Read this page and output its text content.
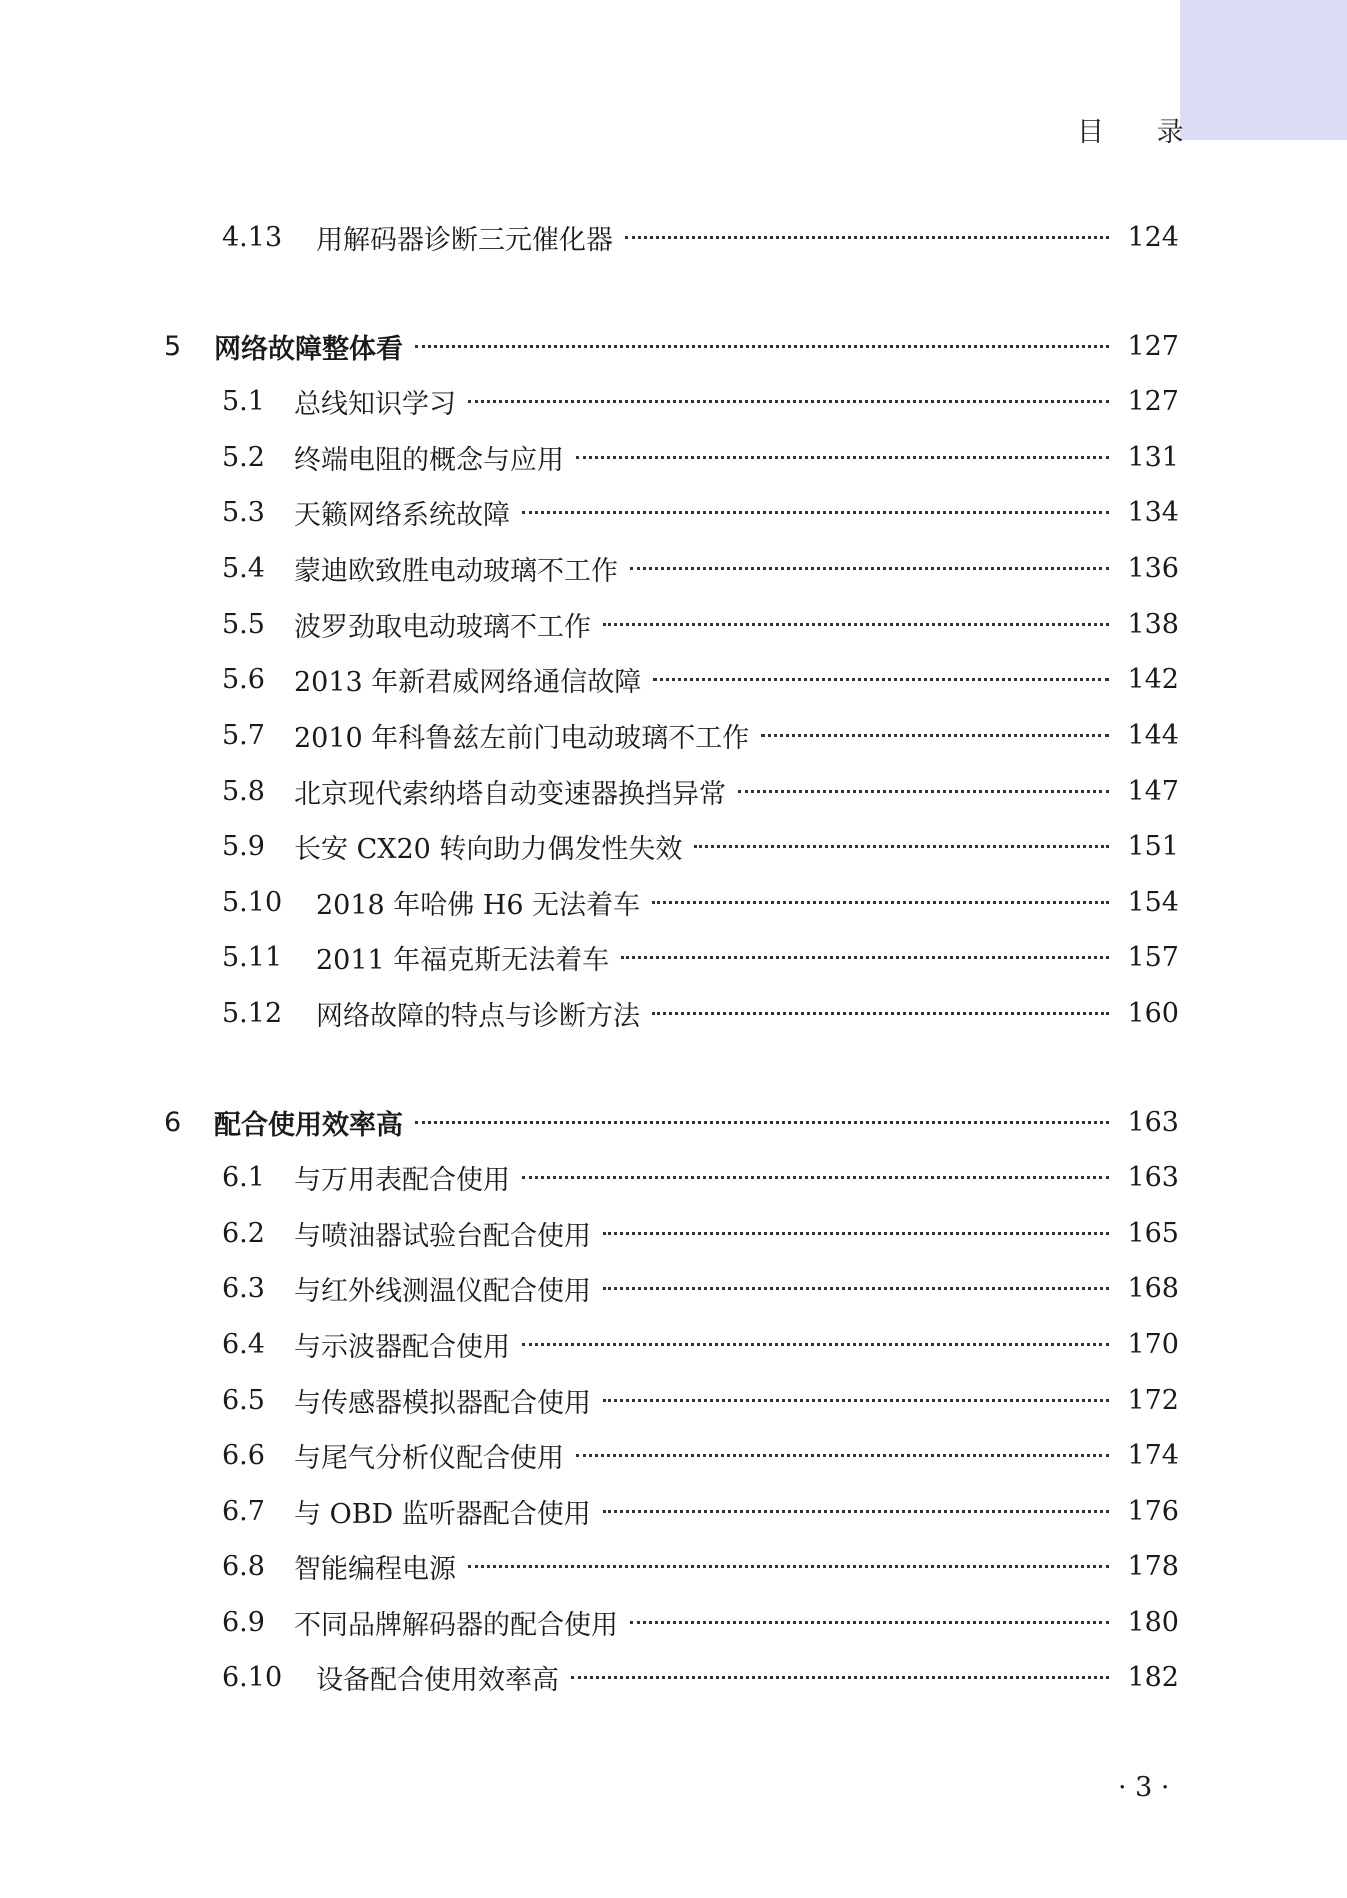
目 录
4.13	用解码器诊断三元催化器	124
5	网络故障整体看	127
5.1	总线知识学习	127
5.2	终端电阻的概念与应用	131
5.3	天籁网络系统故障	134
5.4	蒙迪欧致胜电动玻璃不工作	136
5.5	波罗劲取电动玻璃不工作	138
5.6	2013 年新君威网络通信故障	142
5.7	2010 年科鲁兹左前门电动玻璃不工作	144
5.8	北京现代索纳塔自动变速器换挡异常	147
5.9	长安 CX20 转向助力偶发性失效	151
5.10	2018 年哈佛 H6 无法着车	154
5.11	2011 年福克斯无法着车	157
5.12	网络故障的特点与诊断方法	160
6	配合使用效率高	163
6.1	与万用表配合使用	163
6.2	与喷油器试验台配合使用	165
6.3	与红外线测温仪配合使用	168
6.4	与示波器配合使用	170
6.5	与传感器模拟器配合使用	172
6.6	与尾气分析仪配合使用	174
6.7	与 OBD 监听器配合使用	176
6.8	智能编程电源	178
6.9	不同品牌解码器的配合使用	180
6.10	设备配合使用效率高	182
· 3 ·
